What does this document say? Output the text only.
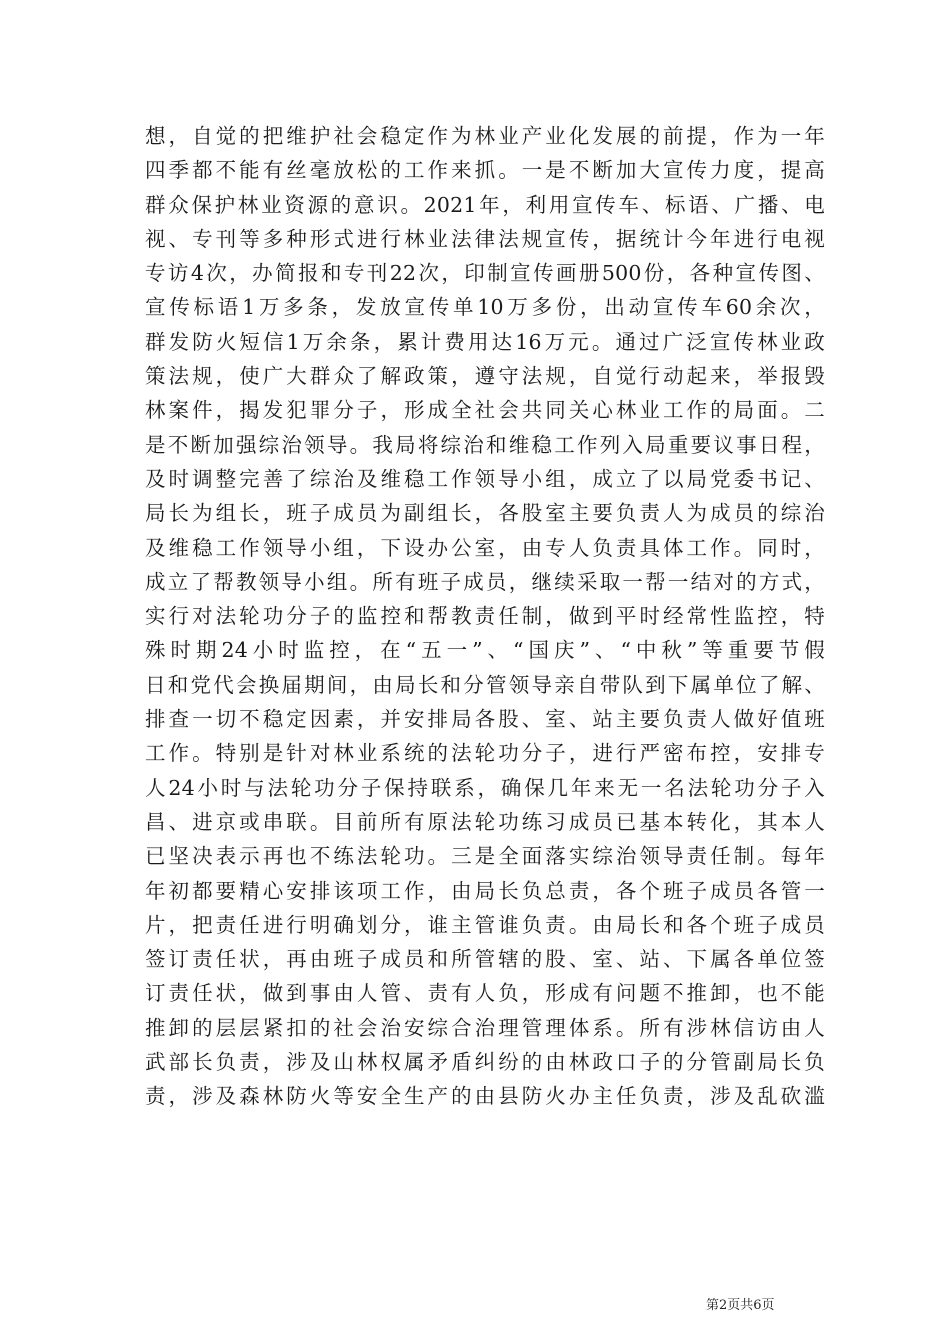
想，自觉的把维护社会稳定作为林业产业化发展的前提，作为一年
四季都不能有丝毫放松的工作来抓。一是不断加大宣传力度，提高
群众保护林业资源的意识。2021年，利用宣传车、标语、广播、电
视、专刊等多种形式进行林业法律法规宣传，据统计今年进行电视
专访4次，办简报和专刊22次，印制宣传画册500份，各种宣传图、
宣传标语1万多条，发放宣传单10万多份，出动宣传车60余次，
群发防火短信1万余条，累计费用达16万元。通过广泛宣传林业政
策法规，使广大群众了解政策，遵守法规，自觉行动起来，举报毁
林案件，揭发犯罪分子，形成全社会共同关心林业工作的局面。二
是不断加强综治领导。我局将综治和维稳工作列入局重要议事日程，
及时调整完善了综治及维稳工作领导小组，成立了以局党委书记、
局长为组长，班子成员为副组长，各股室主要负责人为成员的综治
及维稳工作领导小组，下设办公室，由专人负责具体工作。同时，
成立了帮教领导小组。所有班子成员，继续采取一帮一结对的方式，
实行对法轮功分子的监控和帮教责任制，做到平时经常性监控，特
殊时期24小时监控，在“五一”、“国庆”、“中秋”等重要节假
日和党代会换届期间，由局长和分管领导亲自带队到下属单位了解、
排查一切不稳定因素，并安排局各股、室、站主要负责人做好值班
工作。特别是针对林业系统的法轮功分子，进行严密布控，安排专
人24小时与法轮功分子保持联系，确保几年来无一名法轮功分子入
昌、进京或串联。目前所有原法轮功练习成员已基本转化，其本人
已坚决表示再也不练法轮功。三是全面落实综治领导责任制。每年
年初都要精心安排该项工作，由局长负总责，各个班子成员各管一
片，把责任进行明确划分，谁主管谁负责。由局长和各个班子成员
签订责任状，再由班子成员和所管辖的股、室、站、下属各单位签
订责任状，做到事由人管、责有人负，形成有问题不推卸，也不能
推卸的层层紧扣的社会治安综合治理管理体系。所有涉林信访由人
武部长负责，涉及山林权属矛盾纠纷的由林政口子的分管副局长负
责，涉及森林防火等安全生产的由县防火办主任负责，涉及乱砍滥
第2页共6页
